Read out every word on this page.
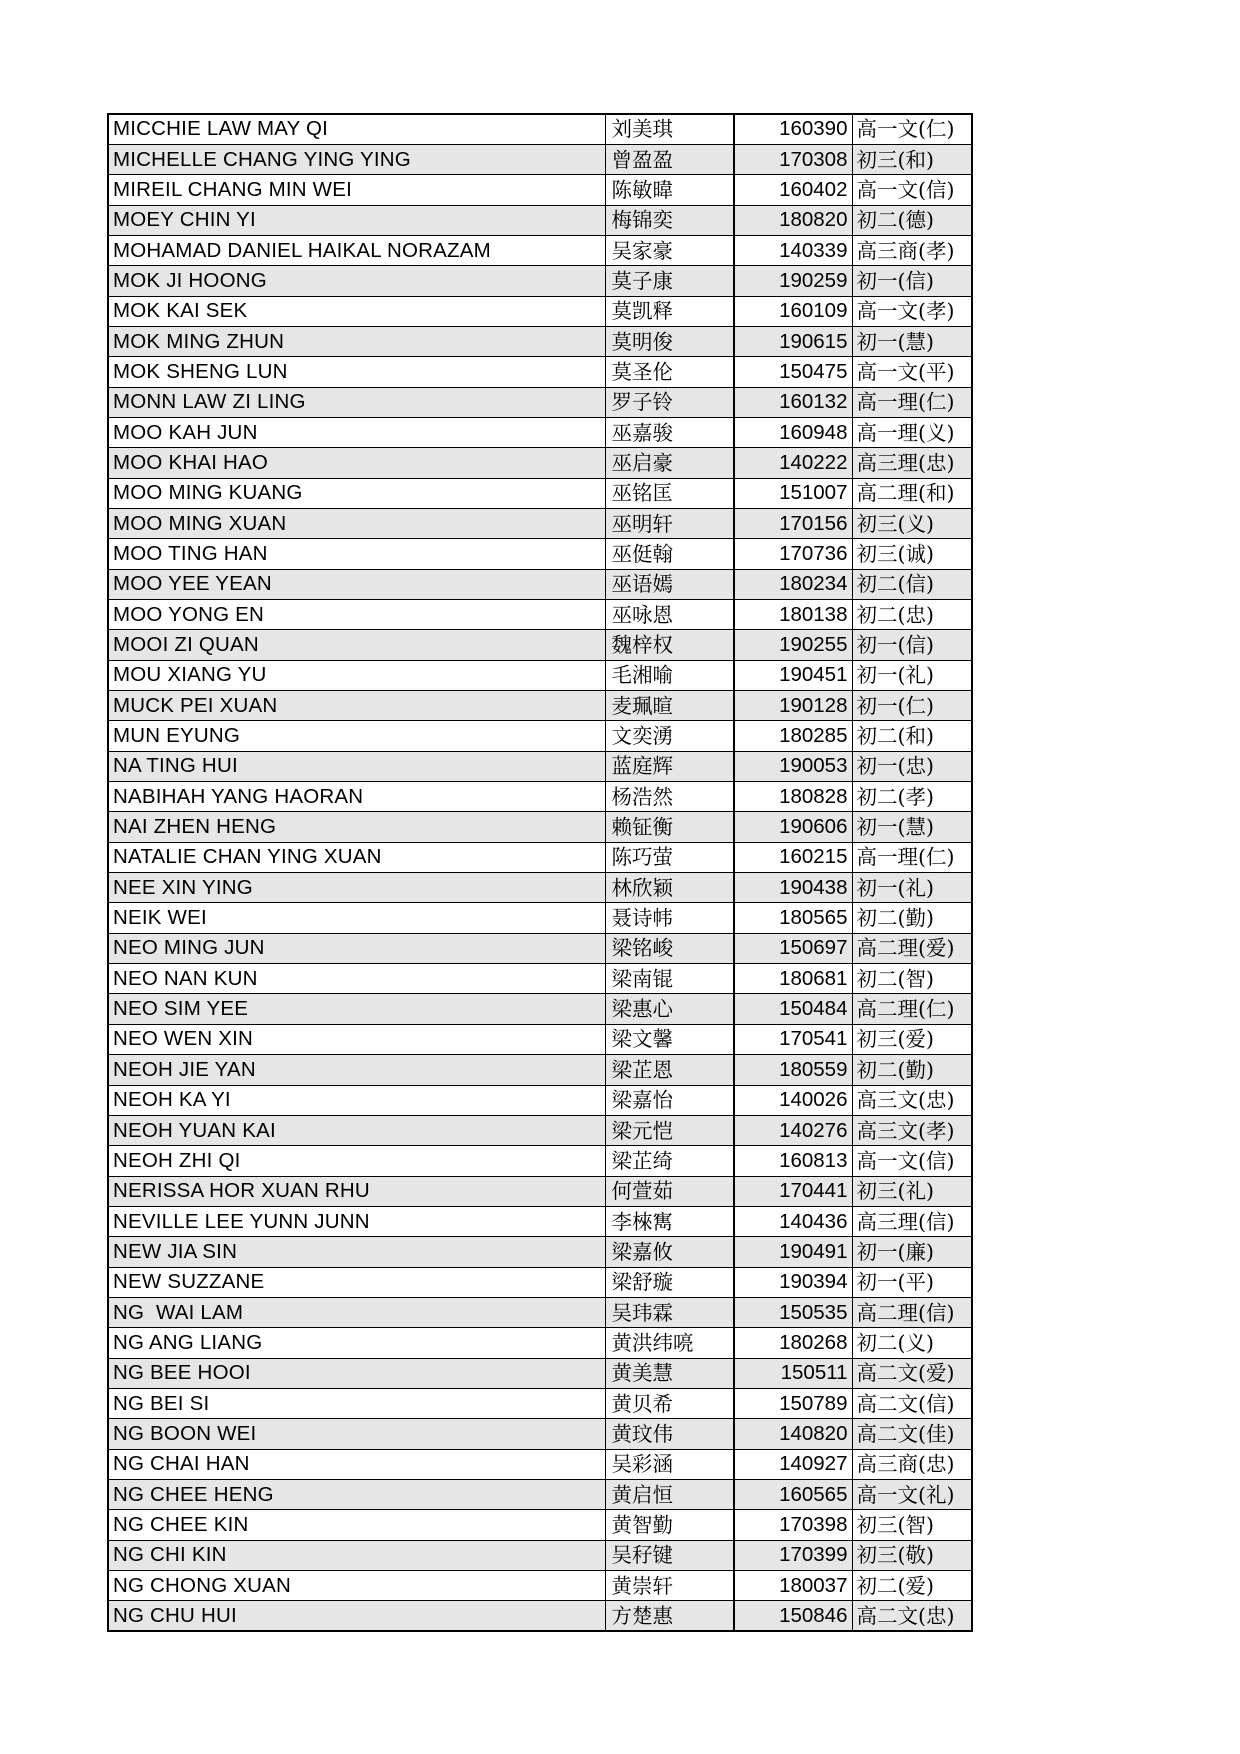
MICCHIE LAW MAY QI	刘美琪	160390	高一文(仁)
MICHELLE CHANG YING YING	曾盈盈	170308	初三(和)
MIREIL CHANG MIN WEI	陈敏暐	160402	高一文(信)
MOEY CHIN YI	梅锦奕	180820	初二(德)
MOHAMAD DANIEL HAIKAL NORAZAM	吴家豪	140339	高三商(孝)
MOK JI HOONG	莫子康	190259	初一(信)
MOK KAI SEK	莫凯释	160109	高一文(孝)
MOK MING ZHUN	莫明俊	190615	初一(慧)
MOK SHENG LUN	莫圣伦	150475	高一文(平)
MONN LAW ZI LING	罗子铃	160132	高一理(仁)
MOO KAH JUN	巫嘉骏	160948	高一理(义)
MOO KHAI HAO	巫启豪	140222	高三理(忠)
MOO MING KUANG	巫铭匡	151007	高二理(和)
MOO MING XUAN	巫明轩	170156	初三(义)
MOO TING HAN	巫侹翰	170736	初三(诚)
MOO YEE YEAN	巫语嫣	180234	初二(信)
MOO YONG EN	巫咏恩	180138	初二(忠)
MOOI ZI QUAN	魏梓权	190255	初一(信)
MOU XIANG YU	毛湘喻	190451	初一(礼)
MUCK PEI XUAN	麦珮暄	190128	初一(仁)
MUN EYUNG	文奕湧	180285	初二(和)
NA TING HUI	蓝庭辉	190053	初一(忠)
NABIHAH YANG HAORAN	杨浩然	180828	初二(孝)
NAI ZHEN HENG	赖钲衡	190606	初一(慧)
NATALIE CHAN YING XUAN	陈巧萤	160215	高一理(仁)
NEE XIN YING	林欣颖	190438	初一(礼)
NEIK WEI	聂诗帏	180565	初二(勤)
NEO MING JUN	梁铭峻	150697	高二理(爱)
NEO NAN KUN	梁南锟	180681	初二(智)
NEO SIM YEE	梁惠心	150484	高二理(仁)
NEO WEN XIN	梁文馨	170541	初三(爱)
NEOH JIE YAN	梁芷恩	180559	初二(勤)
NEOH KA YI	梁嘉怡	140026	高三文(忠)
NEOH YUAN KAI	梁元恺	140276	高三文(孝)
NEOH ZHI QI	梁芷绮	160813	高一文(信)
NERISSA HOR XUAN RHU	何萱茹	170441	初三(礼)
NEVILLE LEE YUNN JUNN	李棶寯	140436	高三理(信)
NEW JIA SIN	梁嘉攸	190491	初一(廉)
NEW SUZZANE	梁舒璇	190394	初一(平)
NG  WAI LAM	吴玮霖	150535	高二理(信)
NG ANG LIANG	黄洪纬喨	180268	初二(义)
NG BEE HOOI	黄美慧	150511	高二文(爱)
NG BEI SI	黄贝希	150789	高二文(信)
NG BOON WEI	黄玟伟	140820	高二文(佳)
NG CHAI HAN	吴彩涵	140927	高三商(忠)
NG CHEE HENG	黄启恒	160565	高一文(礼)
NG CHEE KIN	黄智勤	170398	初三(智)
NG CHI KIN	吴秄键	170399	初三(敬)
NG CHONG XUAN	黄崇轩	180037	初二(爱)
NG CHU HUI	方楚惠	150846	高二文(忠)
